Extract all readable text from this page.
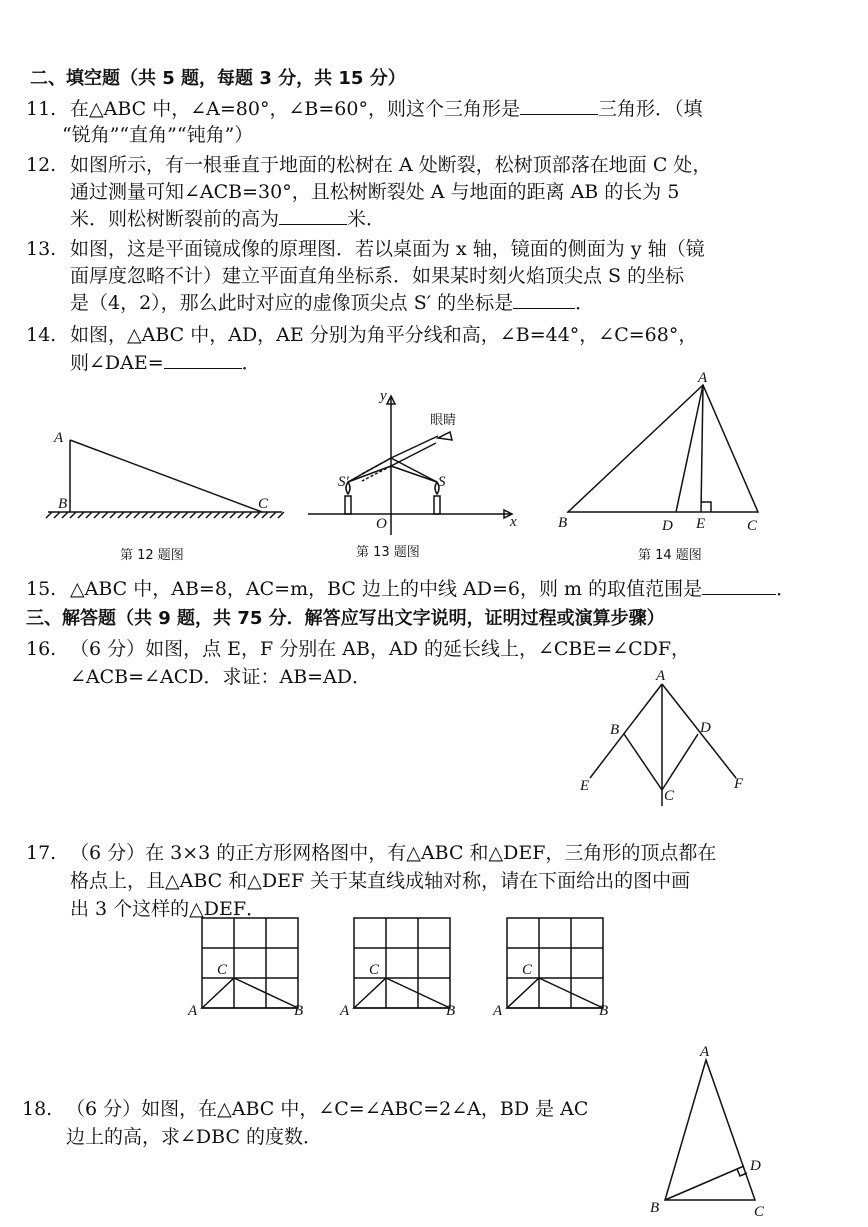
二、填空题（共 5 题，每题 3 分，共 15 分）
11. 在△ABC 中，∠A=80°，∠B=60°，则这个三角形是	三角形．（填
“锐角”“直角”“钝角”）
12. 如图所示，有一根垂直于地面的松树在 A 处断裂，松树顶部落在地面 C 处，
通过测量可知∠ACB=30°，且松树断裂处 A 与地面的距离 AB 的长为 5
米．则松树断裂前的高为	米．
13. 如图，这是平面镜成像的原理图．若以桌面为 x 轴，镜面的侧面为 y 轴（镜
面厚度忽略不计）建立平面直角坐标系．如果某时刻火焰顶尖点 S 的坐标
是（4，2），那么此时对应的虚像顶尖点 S′ 的坐标是	．
14. 如图，△ABC 中，AD，AE 分别为角平分线和高，∠B=44°，∠C=68°，
则∠DAE=	．
A
B	C
第 12 题图
y
x
O
S
S′
眼睛
第 13 题图
A
B	C
D E
第 14 题图
A
B
C
D
E	F
A
C
B A
C
B	A
C
B
A
B	C
D
15. △ABC 中，AB=8，AC=m，BC 边上的中线 AD=6，则 m 的取值范围是	．
三、解答题（共 9 题，共 75 分．解答应写出文字说明，证明过程或演算步骤）
16. （6 分）如图，点 E，F 分别在 AB，AD 的延长线上，∠CBE=∠CDF，
∠ACB=∠ACD．求证：AB=AD．
17. （6 分）在 3×3 的正方形网格图中，有△ABC 和△DEF，三角形的顶点都在
格点上，且△ABC 和△DEF 关于某直线成轴对称，请在下面给出的图中画
出 3 个这样的△DEF．
18. （6 分）如图，在△ABC 中，∠C=∠ABC=2∠A，BD 是 AC
边上的高，求∠DBC 的度数．
